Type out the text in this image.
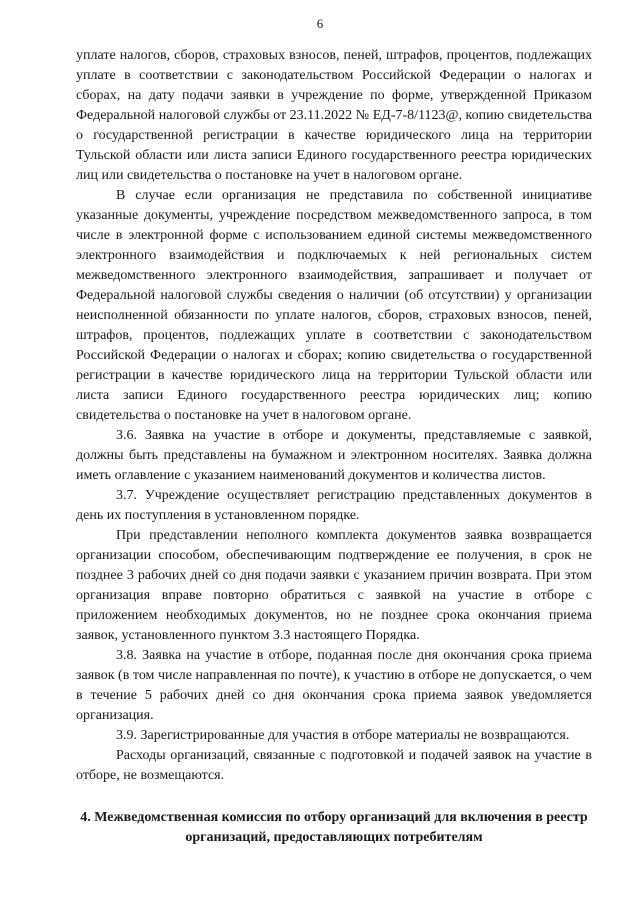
6

уплате налогов, сборов, страховых взносов, пеней, штрафов, процентов, подлежащих уплате в соответствии с законодательством Российской Федерации о налогах и сборах, на дату подачи заявки в учреждение по форме, утвержденной Приказом Федеральной налоговой службы от 23.11.2022 № ЕД-7-8/1123@, копию свидетельства о государственной регистрации в качестве юридического лица на территории Тульской области или листа записи Единого государственного реестра юридических лиц или свидетельства о постановке на учет в налоговом органе.

В случае если организация не представила по собственной инициативе указанные документы, учреждение посредством межведомственного запроса, в том числе в электронной форме с использованием единой системы межведомственного электронного взаимодействия и подключаемых к ней региональных систем межведомственного электронного взаимодействия, запрашивает и получает от Федеральной налоговой службы сведения о наличии (об отсутствии) у организации неисполненной обязанности по уплате налогов, сборов, страховых взносов, пеней, штрафов, процентов, подлежащих уплате в соответствии с законодательством Российской Федерации о налогах и сборах; копию свидетельства о государственной регистрации в качестве юридического лица на территории Тульской области или листа записи Единого государственного реестра юридических лиц; копию свидетельства о постановке на учет в налоговом органе.

3.6. Заявка на участие в отборе и документы, представляемые с заявкой, должны быть представлены на бумажном и электронном носителях. Заявка должна иметь оглавление с указанием наименований документов и количества листов.

3.7. Учреждение осуществляет регистрацию представленных документов в день их поступления в установленном порядке.

При представлении неполного комплекта документов заявка возвращается организации способом, обеспечивающим подтверждение ее получения, в срок не позднее 3 рабочих дней со дня подачи заявки с указанием причин возврата. При этом организация вправе повторно обратиться с заявкой на участие в отборе с приложением необходимых документов, но не позднее срока окончания приема заявок, установленного пунктом 3.3 настоящего Порядка.

3.8. Заявка на участие в отборе, поданная после дня окончания срока приема заявок (в том числе направленная по почте), к участию в отборе не допускается, о чем в течение 5 рабочих дней со дня окончания срока приема заявок уведомляется организация.

3.9. Зарегистрированные для участия в отборе материалы не возвращаются.

Расходы организаций, связанные с подготовкой и подачей заявок на участие в отборе, не возмещаются.

4. Межведомственная комиссия по отбору организаций для включения в реестр организаций, предоставляющих потребителям
